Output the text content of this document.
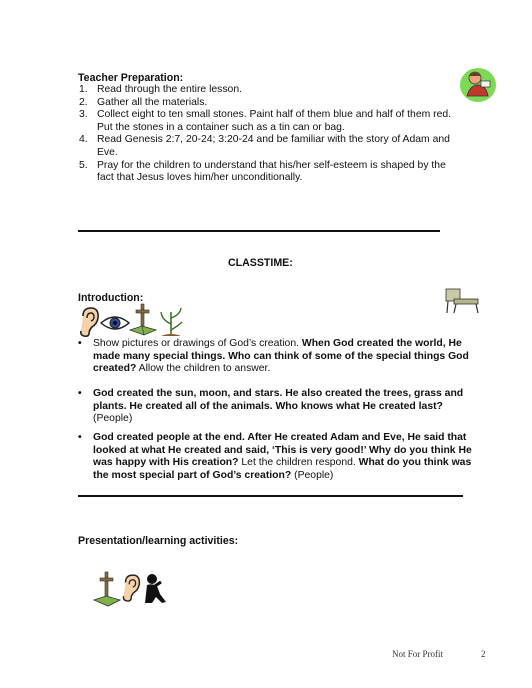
Teacher Preparation:
1. Read through the entire lesson.
2. Gather all the materials.
3. Collect eight to ten small stones. Paint half of them blue and half of them red. Put the stones in a container such as a tin can or bag.
4. Read Genesis 2:7, 20-24; 3:20-24 and be familiar with the story of Adam and Eve.
5. Pray for the children to understand that his/her self-esteem is shaped by the fact that Jesus loves him/her unconditionally.
CLASSTIME:
Introduction:
• Show pictures or drawings of God’s creation. When God created the world, He made many special things. Who can think of some of the special things God created? Allow the children to answer.
• God created the sun, moon, and stars. He also created the trees, grass and plants. He created all of the animals. Who knows what He created last? (People)
• God created people at the end. After He created Adam and Eve, He said that looked at what He created and said, ‘This is very good!’ Why do you think He was happy with His creation? Let the children respond. What do you think was the most special part of God’s creation? (People)
Presentation/learning activities:
Not For Profit	2
